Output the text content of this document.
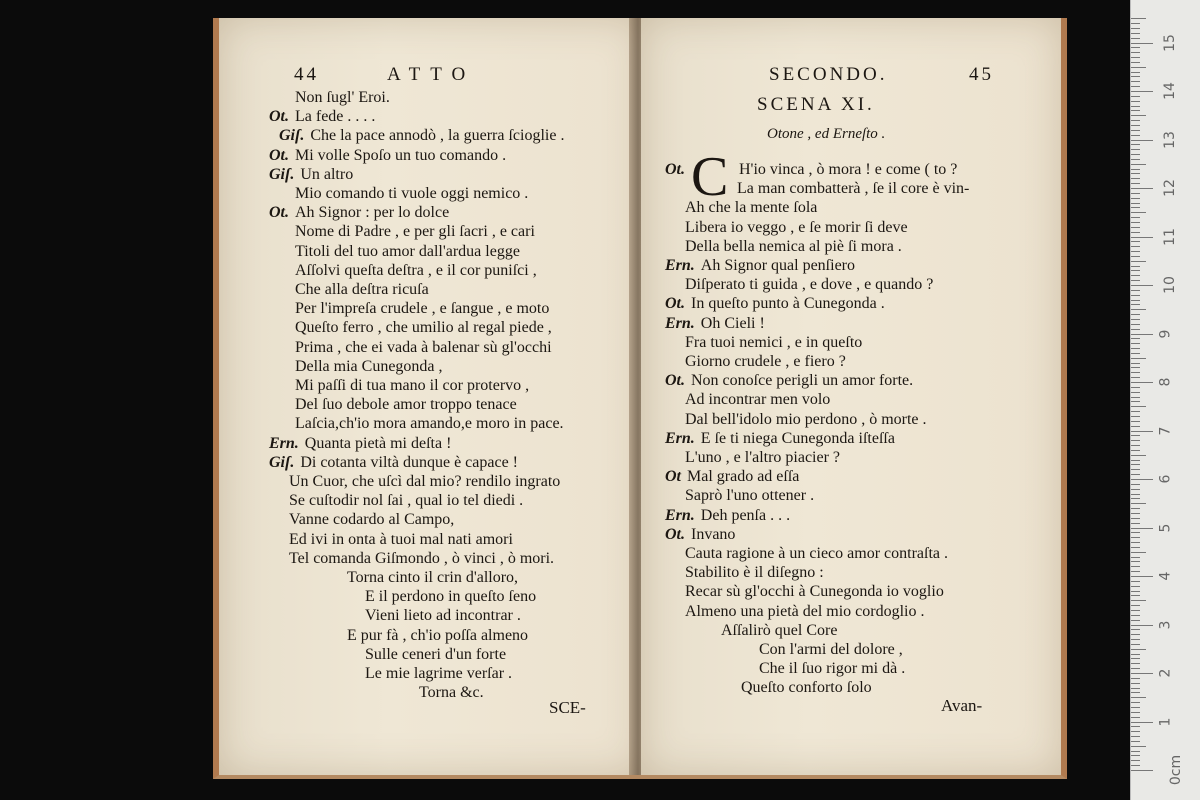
44	ATTO
Non ſugl' Eroi.
Ot. La fede . . . .
Giſ. Che la pace annodò , la guerra ſcioglie .
Ot. Mi volle Spoſo un tuo comando .
Giſ. Un altro
Mio comando ti vuole oggi nemico .
Ot. Ah Signor : per lo dolce
Nome di Padre , e per gli ſacri , e cari
Titoli del tuo amor dall'ardua legge
Aſſolvi queſta deſtra , e il cor puniſci ,
Che alla deſtra ricuſa
Per l'impreſa crudele , e ſangue , e moto
Queſto ferro , che umilio al regal piede ,
Prima , che ei vada à balenar sù gl'occhi
Della mia Cunegonda ,
Mi paſſi di tua mano il cor protervo ,
Del ſuo debole amor troppo tenace
Laſcia,ch'io mora amando,e moro in pace.
Ern. Quanta pietà mi deſta !
Giſ. Di cotanta viltà dunque è capace !
Un Cuor, che uſcì dal mio? rendilo ingrato
Se cuſtodir nol ſai , qual io tel diedi .
Vanne codardo al Campo,
Ed ivi in onta à tuoi mal nati amori
Tel comanda Giſmondo , ò vinci , ò mori.
Torna cinto il crin d'alloro,
E il perdono in queſto ſeno
Vieni lieto ad incontrar .
E pur fà , ch'io poſſa almeno
Sulle ceneri d'un forte
Le mie lagrime verſar .
Torna &c.
SCE-
SECONDO.	45
SCENA XI.
Otone , ed Erneſto .
Ot. C H'io vinca , ò mora ! e come ( to ?
La man combatterà , ſe il core è vin-
Ah che la mente ſola
Libera io veggo , e ſe morir ſi deve
Della bella nemica al piè ſi mora .
Ern. Ah Signor qual penſiero
Diſperato ti guida , e dove , e quando ?
Ot. In queſto punto à Cunegonda .
Ern. Oh Cieli !
Fra tuoi nemici , e in queſto
Giorno crudele , e fiero ?
Ot. Non conoſce perigli un amor forte.
Ad incontrar men volo
Dal bell'idolo mio perdono , ò morte .
Ern. E ſe ti niega Cunegonda iſteſſa
L'uno , e l'altro piacier ?
Ot Mal grado ad eſſa
Saprò l'uno ottener .
Ern. Deh penſa . . .
Ot. Invano
Cauta ragione à un cieco amor contraſta .
Stabilito è il diſegno :
Recar sù gl'occhi à Cunegonda io voglio
Almeno una pietà del mio cordoglio .
Aſſalirò quel Core
Con l'armi del dolore ,
Che il ſuo rigor mi dà .
Queſto conforto ſolo
Avan-
0cm
1
2
3
4
5
6
7
8
9
10
11
12
13
14
15
